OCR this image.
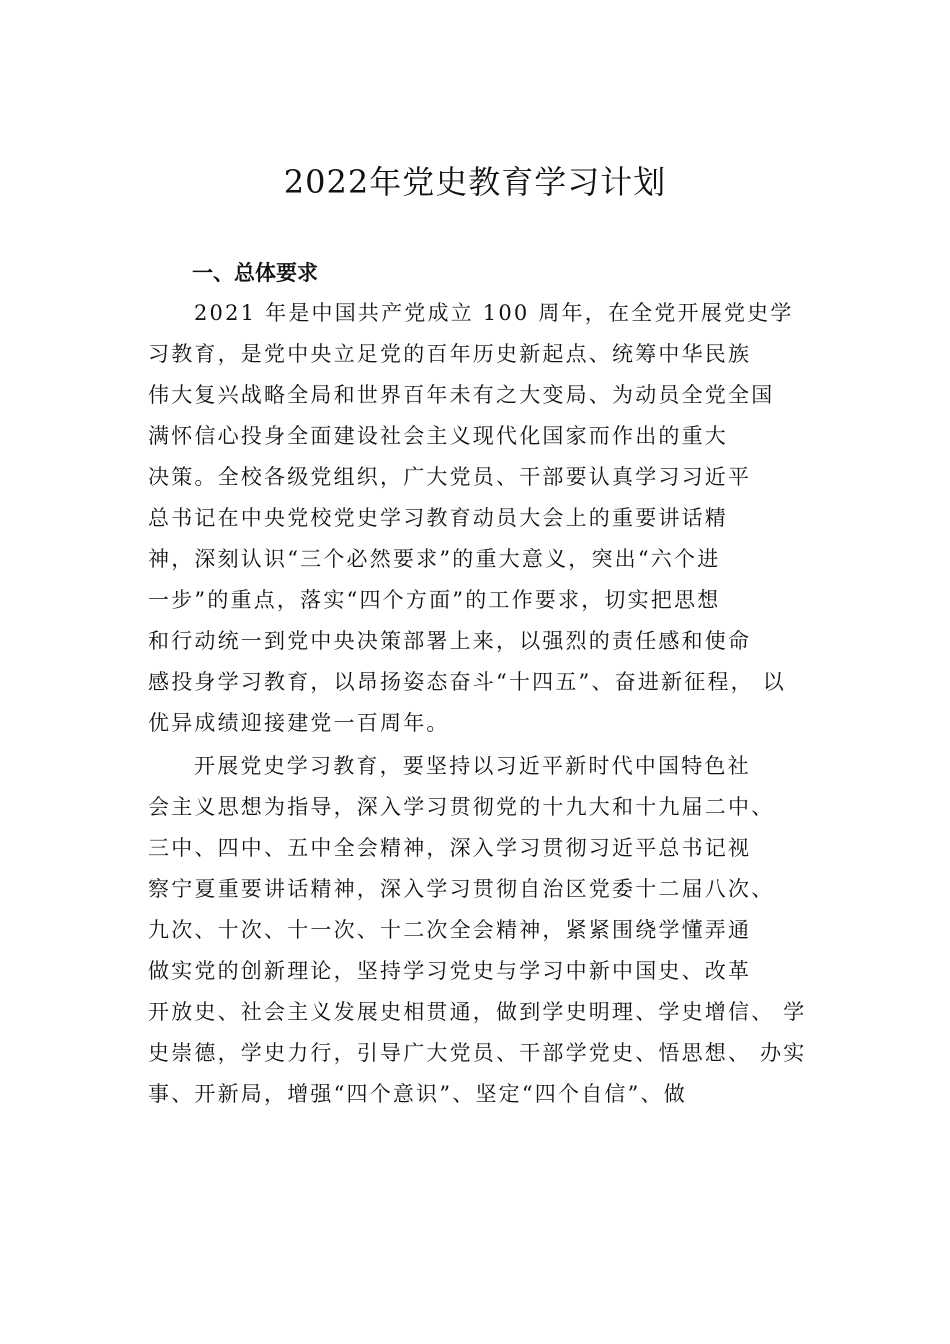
2022年党史教育学习计划
一、总体要求
2021 年是中国共产党成立 100 周年，在全党开展党史学
习教育，是党中央立足党的百年历史新起点、统筹中华民族
伟大复兴战略全局和世界百年未有之大变局、为动员全党全国
满怀信心投身全面建设社会主义现代化国家而作出的重大
决策。全校各级党组织，广大党员、干部要认真学习习近平
总书记在中央党校党史学习教育动员大会上的重要讲话精
神，深刻认识“三个必然要求”的重大意义，突出“六个进
一步”的重点，落实“四个方面”的工作要求，切实把思想
和行动统一到党中央决策部署上来，以强烈的责任感和使命
感投身学习教育，以昂扬姿态奋斗“十四五”、奋进新征程， 以
优异成绩迎接建党一百周年。
开展党史学习教育，要坚持以习近平新时代中国特色社
会主义思想为指导，深入学习贯彻党的十九大和十九届二中、
三中、四中、五中全会精神，深入学习贯彻习近平总书记视
察宁夏重要讲话精神，深入学习贯彻自治区党委十二届八次、
九次、十次、十一次、十二次全会精神，紧紧围绕学懂弄通
做实党的创新理论，坚持学习党史与学习中新中国史、改革
开放史、社会主义发展史相贯通，做到学史明理、学史增信、 学
史崇德，学史力行，引导广大党员、干部学党史、悟思想、 办实
事、开新局，增强“四个意识”、坚定“四个自信”、做
